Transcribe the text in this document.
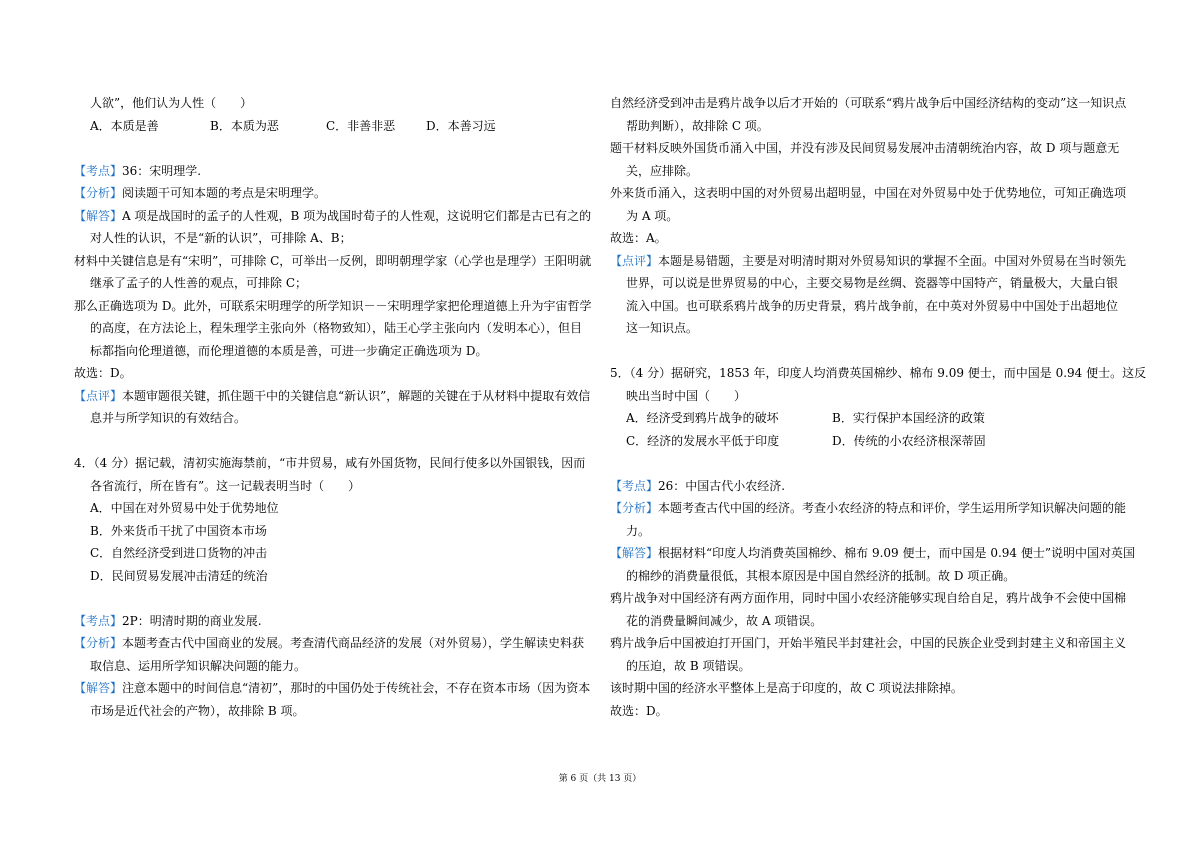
人欲”，他们认为人性（　　）
A．本质是善	B．本质为恶	C．非善非恶	D．本善习远
【考点】36：宋明理学.
【分析】阅读题干可知本题的考点是宋明理学。
【解答】A 项是战国时的孟子的人性观，B 项为战国时荀子的人性观，这说明它们都是古已有之的
对人性的认识，不是“新的认识”，可排除 A、B；
材料中关键信息是有“宋明”，可排除 C，可举出一反例，即明朝理学家（心学也是理学）王阳明就
继承了孟子的人性善的观点，可排除 C；
那么正确选项为 D。此外，可联系宋明理学的所学知识－－宋明理学家把伦理道德上升为宇宙哲学
的高度，在方法论上，程朱理学主张向外（格物致知），陆王心学主张向内（发明本心），但目
标都指向伦理道德，而伦理道德的本质是善，可进一步确定正确选项为 D。
故选：D。
【点评】本题审题很关键，抓住题干中的关键信息“新认识”，解题的关键在于从材料中提取有效信
息并与所学知识的有效结合。
4．（4 分）据记载，清初实施海禁前，“市井贸易，咸有外国货物，民间行使多以外国银钱，因而
各省流行，所在皆有”。这一记载表明当时（　　）
A．中国在对外贸易中处于优势地位
B．外来货币干扰了中国资本市场
C．自然经济受到进口货物的冲击
D．民间贸易发展冲击清廷的统治
【考点】2P：明清时期的商业发展.
【分析】本题考查古代中国商业的发展。考查清代商品经济的发展（对外贸易），学生解读史料获
取信息、运用所学知识解决问题的能力。
【解答】注意本题中的时间信息“清初”，那时的中国仍处于传统社会，不存在资本市场（因为资本
市场是近代社会的产物），故排除 B 项。
自然经济受到冲击是鸦片战争以后才开始的（可联系“鸦片战争后中国经济结构的变动”这一知识点
帮助判断），故排除 C 项。
题干材料反映外国货币涌入中国，并没有涉及民间贸易发展冲击清朝统治内容，故 D 项与题意无
关，应排除。
外来货币涌入，这表明中国的对外贸易出超明显，中国在对外贸易中处于优势地位，可知正确选项
为 A 项。
故选：A。
【点评】本题是易错题，主要是对明清时期对外贸易知识的掌握不全面。中国对外贸易在当时领先
世界，可以说是世界贸易的中心，主要交易物是丝绸、瓷器等中国特产，销量极大，大量白银
流入中国。也可联系鸦片战争的历史背景，鸦片战争前，在中英对外贸易中中国处于出超地位
这一知识点。
5．（4 分）据研究，1853 年，印度人均消费英国棉纱、棉布 9.09 便士，而中国是 0.94 便士。这反
映出当时中国（　　）
A．经济受到鸦片战争的破坏	B．实行保护本国经济的政策
C．经济的发展水平低于印度	D．传统的小农经济根深蒂固
【考点】26：中国古代小农经济.
【分析】本题考查古代中国的经济。考查小农经济的特点和评价，学生运用所学知识解决问题的能
力。
【解答】根据材料“印度人均消费英国棉纱、棉布 9.09 便士，而中国是 0.94 便士”说明中国对英国
的棉纱的消费量很低，其根本原因是中国自然经济的抵制。故 D 项正确。
鸦片战争对中国经济有两方面作用，同时中国小农经济能够实现自给自足，鸦片战争不会使中国棉
花的消费量瞬间减少，故 A 项错误。
鸦片战争后中国被迫打开国门，开始半殖民半封建社会，中国的民族企业受到封建主义和帝国主义
的压迫，故 B 项错误。
该时期中国的经济水平整体上是高于印度的，故 C 项说法排除掉。
故选：D。
第 6 页（共 13 页）
